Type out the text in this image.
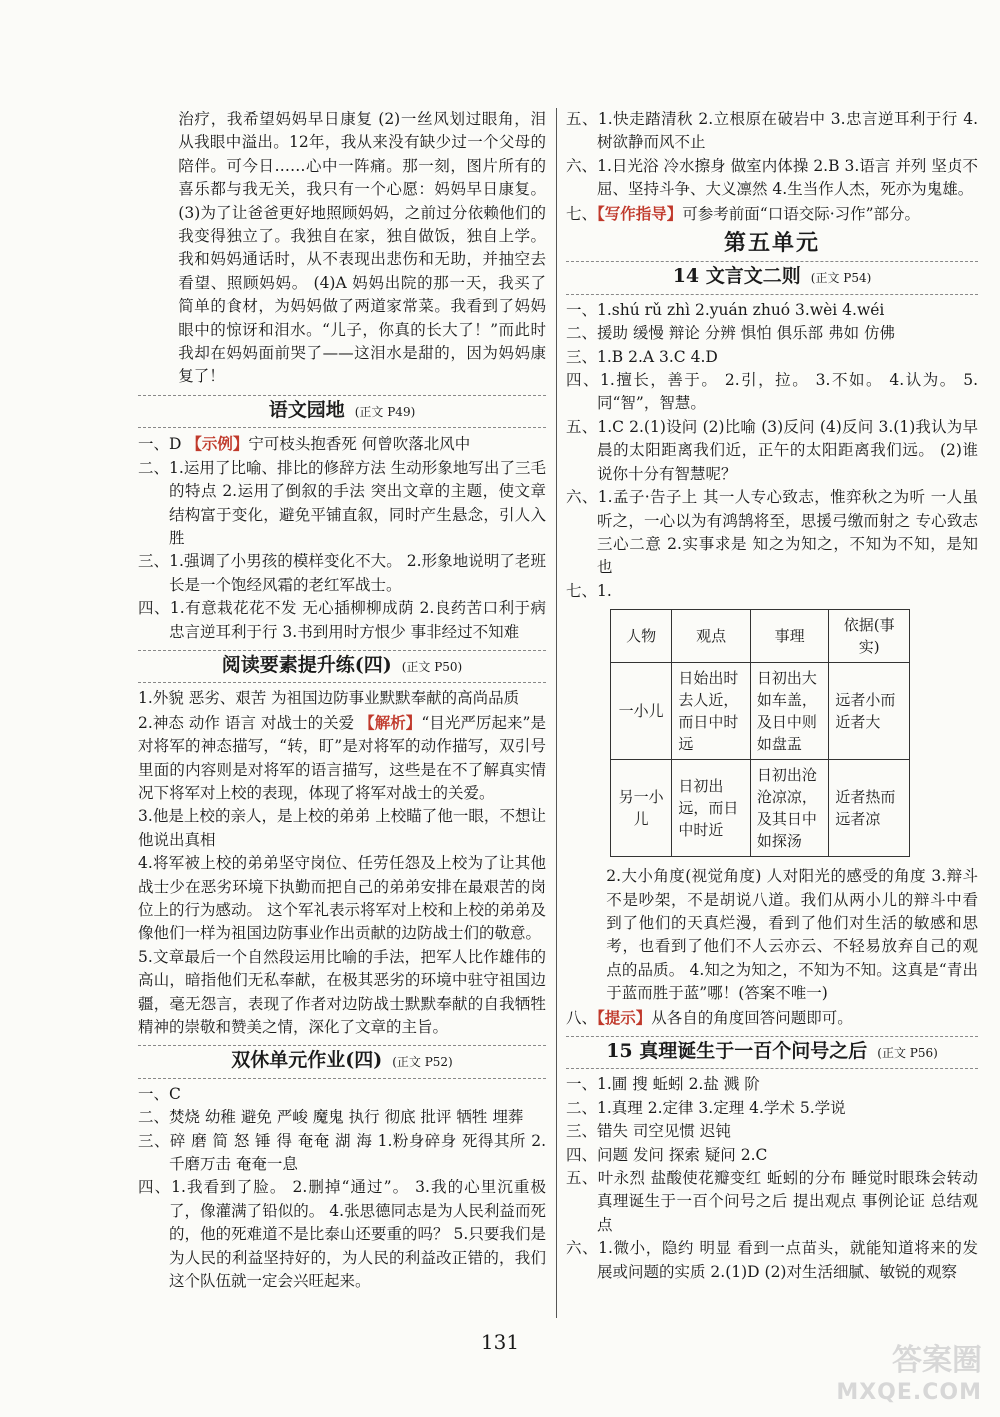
治疗，我希望妈妈早日康复 (2)一丝风划过眼角，泪从我眼中溢出。12年，我从来没有缺少过一个父母的陪伴。可今日……心中一阵痛。那一刻，图片所有的喜乐都与我无关，我只有一个心愿：妈妈早日康复。 (3)为了让爸爸更好地照顾妈妈，之前过分依赖他们的我变得独立了。我独自在家，独自做饭，独自上学。我和妈妈通话时，从不表现出悲伤和无助，并抽空去看望、照顾妈妈。 (4)A 妈妈出院的那一天，我买了简单的食材，为妈妈做了两道家常菜。我看到了妈妈眼中的惊讶和泪水。“儿子，你真的长大了！”而此时我却在妈妈面前哭了——这泪水是甜的，因为妈妈康复了！

语文园地 (正文 P49)

一、D 【示例】宁可枝头抱香死 何曾吹落北风中

二、1.运用了比喻、排比的修辞方法 生动形象地写出了三毛的特点 2.运用了倒叙的手法 突出文章的主题，使文章结构富于变化，避免平铺直叙，同时产生悬念，引人入胜

三、1.强调了小男孩的模样变化不大。 2.形象地说明了老班长是一个饱经风霜的老红军战士。

四、1.有意栽花花不发 无心插柳柳成荫 2.良药苦口利于病 忠言逆耳利于行 3.书到用时方恨少 事非经过不知难

阅读要素提升练(四) (正文 P50)

1.外貌 恶劣、艰苦 为祖国边防事业默默奉献的高尚品质

2.神态 动作 语言 对战士的关爱 【解析】“目光严厉起来”是对将军的神态描写，“转，盯”是对将军的动作描写，双引号里面的内容则是对将军的语言描写，这些是在不了解真实情况下将军对上校的表现，体现了将军对战士的关爱。

3.他是上校的亲人，是上校的弟弟 上校瞄了他一眼，不想让他说出真相

4.将军被上校的弟弟坚守岗位、任劳任怨及上校为了让其他战士少在恶劣环境下执勤而把自己的弟弟安排在最艰苦的岗位上的行为感动。 这个军礼表示将军对上校和上校的弟弟及像他们一样为祖国边防事业作出贡献的边防战士们的敬意。

5.文章最后一个自然段运用比喻的手法，把军人比作雄伟的高山，暗指他们无私奉献，在极其恶劣的环境中驻守祖国边疆，毫无怨言，表现了作者对边防战士默默奉献的自我牺牲精神的崇敬和赞美之情，深化了文章的主旨。

双休单元作业(四) (正文 P52)

一、C

二、焚烧 幼稚 避免 严峻 魔鬼 执行 彻底 批评 牺牲 埋葬

三、碎 磨 简 怒 锤 得 奄奄 湖 海 1.粉身碎身 死得其所 2.千磨万击 奄奄一息

四、1.我看到了脸。 2.删掉“通过”。 3.我的心里沉重极了，像灌满了铅似的。 4.张思德同志是为人民利益而死的，他的死难道不是比泰山还要重的吗？ 5.只要我们是为人民的利益坚持好的，为人民的利益改正错的，我们这个队伍就一定会兴旺起来。

五、1.快走踏清秋 2.立根原在破岩中 3.忠言逆耳利于行 4.树欲静而风不止

六、1.日光浴 冷水擦身 做室内体操 2.B 3.语言 并列 坚贞不屈、坚持斗争、大义凛然 4.生当作人杰，死亦为鬼雄。

七、【写作指导】可参考前面“口语交际·习作”部分。

第五单元
14 文言文二则 (正文 P54)

一、1.shú rǔ zhì 2.yuán zhuó 3.wèi 4.wéi

二、援助 缓慢 辩论 分辨 惧怕 俱乐部 弗如 仿佛

三、1.B 2.A 3.C 4.D

四、1.擅长，善于。 2.引，拉。 3.不如。 4.认为。 5.同“智”，智慧。

五、1.C 2.(1)设问 (2)比喻 (3)反问 (4)反问 3.(1)我认为早晨的太阳距离我们近，正午的太阳距离我们远。 (2)谁说你十分有智慧呢？

六、1.孟子·告子上 其一人专心致志，惟弈秋之为听 一人虽听之，一心以为有鸿鹄将至，思援弓缴而射之 专心致志 三心二意 2.实事求是 知之为知之，不知为不知，是知也

七、1.

人物	观点	事理	依据(事实)
一小儿	日始出时去人近，而日中时远	日初出大如车盖，及日中则如盘盂	远者小而近者大
另一小儿	日初出远，而日中时近	日初出沧沧凉凉，及其日中如探汤	近者热而远者凉

2.大小角度(视觉角度) 人对阳光的感受的角度 3.辩斗不是吵架，不是胡说八道。我们从两小儿的辩斗中看到了他们的天真烂漫，看到了他们对生活的敏感和思考，也看到了他们不人云亦云、不轻易放弃自己的观点的品质。 4.知之为知之，不知为不知。这真是“青出于蓝而胜于蓝”哪！(答案不唯一)

八、【提示】从各自的角度回答问题即可。

15 真理诞生于一百个问号之后 (正文 P56)

一、1.圃 搜 蚯蚓 2.盐 溅 阶

二、1.真理 2.定律 3.定理 4.学术 5.学说

三、错失 司空见惯 迟钝

四、问题 发问 探索 疑问 2.C

五、叶永烈 盐酸使花瓣变红 蚯蚓的分布 睡觉时眼珠会转动 真理诞生于一百个问号之后 提出观点 事例论证 总结观点

六、1.微小，隐约 明显 看到一点苗头，就能知道将来的发展或问题的实质 2.(1)D (2)对生活细腻、敏锐的观察

131
答案圈
MXQE.COM
